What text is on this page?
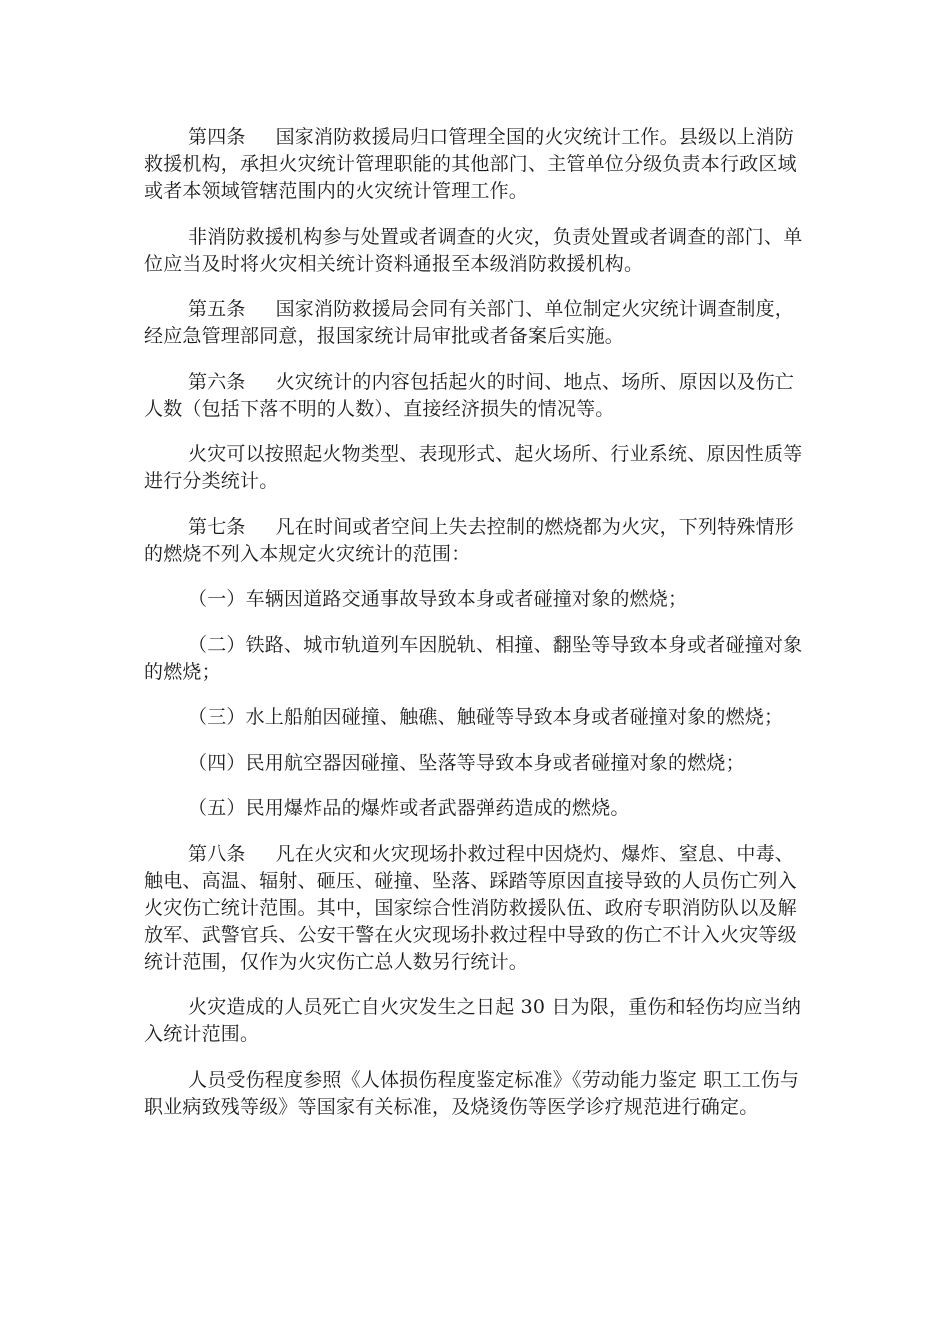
第四条 国家消防救援局归口管理全国的火灾统计工作。县级以上消防救援机构，承担火灾统计管理职能的其他部门、主管单位分级负责本行政区域或者本领域管辖范围内的火灾统计管理工作。

非消防救援机构参与处置或者调查的火灾，负责处置或者调查的部门、单位应当及时将火灾相关统计资料通报至本级消防救援机构。

第五条 国家消防救援局会同有关部门、单位制定火灾统计调查制度，经应急管理部同意，报国家统计局审批或者备案后实施。

第六条 火灾统计的内容包括起火的时间、地点、场所、原因以及伤亡人数（包括下落不明的人数）、直接经济损失的情况等。

火灾可以按照起火物类型、表现形式、起火场所、行业系统、原因性质等进行分类统计。

第七条 凡在时间或者空间上失去控制的燃烧都为火灾，下列特殊情形的燃烧不列入本规定火灾统计的范围：

（一）车辆因道路交通事故导致本身或者碰撞对象的燃烧；

（二）铁路、城市轨道列车因脱轨、相撞、翻坠等导致本身或者碰撞对象的燃烧；

（三）水上船舶因碰撞、触礁、触碰等导致本身或者碰撞对象的燃烧；

（四）民用航空器因碰撞、坠落等导致本身或者碰撞对象的燃烧；

（五）民用爆炸品的爆炸或者武器弹药造成的燃烧。

第八条 凡在火灾和火灾现场扑救过程中因烧灼、爆炸、窒息、中毒、触电、高温、辐射、砸压、碰撞、坠落、踩踏等原因直接导致的人员伤亡列入火灾伤亡统计范围。其中，国家综合性消防救援队伍、政府专职消防队以及解放军、武警官兵、公安干警在火灾现场扑救过程中导致的伤亡不计入火灾等级统计范围，仅作为火灾伤亡总人数另行统计。

火灾造成的人员死亡自火灾发生之日起 30 日为限，重伤和轻伤均应当纳入统计范围。

人员受伤程度参照《人体损伤程度鉴定标准》《劳动能力鉴定 职工工伤与职业病致残等级》等国家有关标准，及烧烫伤等医学诊疗规范进行确定。
